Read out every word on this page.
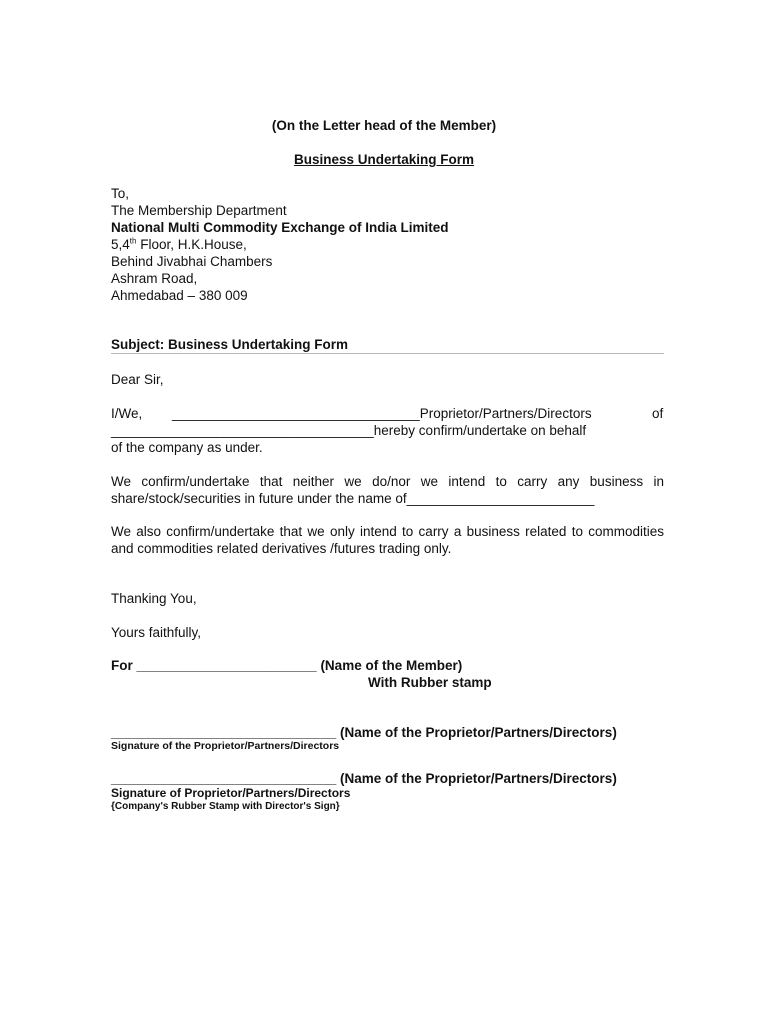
(On the Letter head of the Member)
Business Undertaking Form
To,
The Membership Department
National Multi Commodity Exchange of India Limited
5,4th Floor, H.K.House,
Behind Jivabhai Chambers
Ashram Road,
Ahmedabad – 380 009
Subject: Business Undertaking Form
Dear Sir,
I/We, _________________________________Proprietor/Partners/Directors	of
___________________________________hereby confirm/undertake on behalf
of the company as under.
We confirm/undertake that neither we do/nor we intend to carry any business in share/stock/securities in future under the name of_________________________
We also confirm/undertake that we only intend to carry a business related to commodities and commodities related derivatives /futures trading only.
Thanking You,
Yours faithfully,
For ________________________ (Name of the Member)
With Rubber stamp
______________________________ (Name of the Proprietor/Partners/Directors)
Signature of the Proprietor/Partners/Directors
______________________________ (Name of the Proprietor/Partners/Directors)
Signature of Proprietor/Partners/Directors
{Company's Rubber Stamp with Director's Sign}
